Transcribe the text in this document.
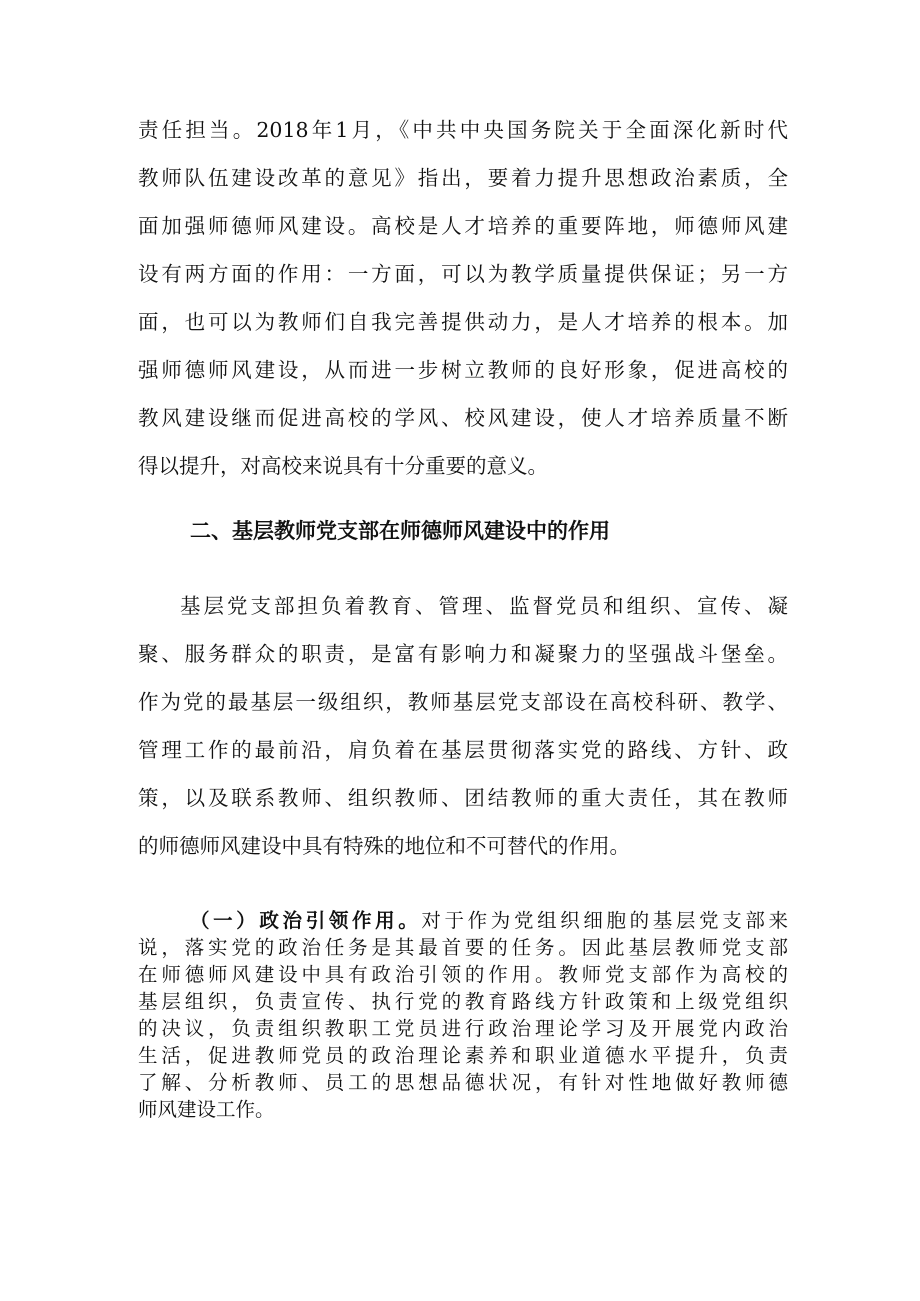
责任担当。2018年1月，《中共中央国务院关于全面深化新时代
教师队伍建设改革的意见》指出，要着力提升思想政治素质，全
面加强师德师风建设。高校是人才培养的重要阵地，师德师风建
设有两方面的作用：一方面，可以为教学质量提供保证；另一方
面，也可以为教师们自我完善提供动力，是人才培养的根本。加
强师德师风建设，从而进一步树立教师的良好形象，促进高校的
教风建设继而促进高校的学风、校风建设，使人才培养质量不断
得以提升，对高校来说具有十分重要的意义。
二、基层教师党支部在师德师风建设中的作用
基层党支部担负着教育、管理、监督党员和组织、宣传、凝
聚、服务群众的职责，是富有影响力和凝聚力的坚强战斗堡垒。
作为党的最基层一级组织，教师基层党支部设在高校科研、教学、
管理工作的最前沿，肩负着在基层贯彻落实党的路线、方针、政
策，以及联系教师、组织教师、团结教师的重大责任，其在教师
的师德师风建设中具有特殊的地位和不可替代的作用。
（一）政治引领作用。对于作为党组织细胞的基层党支部来
说，落实党的政治任务是其最首要的任务。因此基层教师党支部
在师德师风建设中具有政治引领的作用。教师党支部作为高校的
基层组织，负责宣传、执行党的教育路线方针政策和上级党组织
的决议，负责组织教职工党员进行政治理论学习及开展党内政治
生活，促进教师党员的政治理论素养和职业道德水平提升，负责
了解、分析教师、员工的思想品德状况，有针对性地做好教师德
师风建设工作。
